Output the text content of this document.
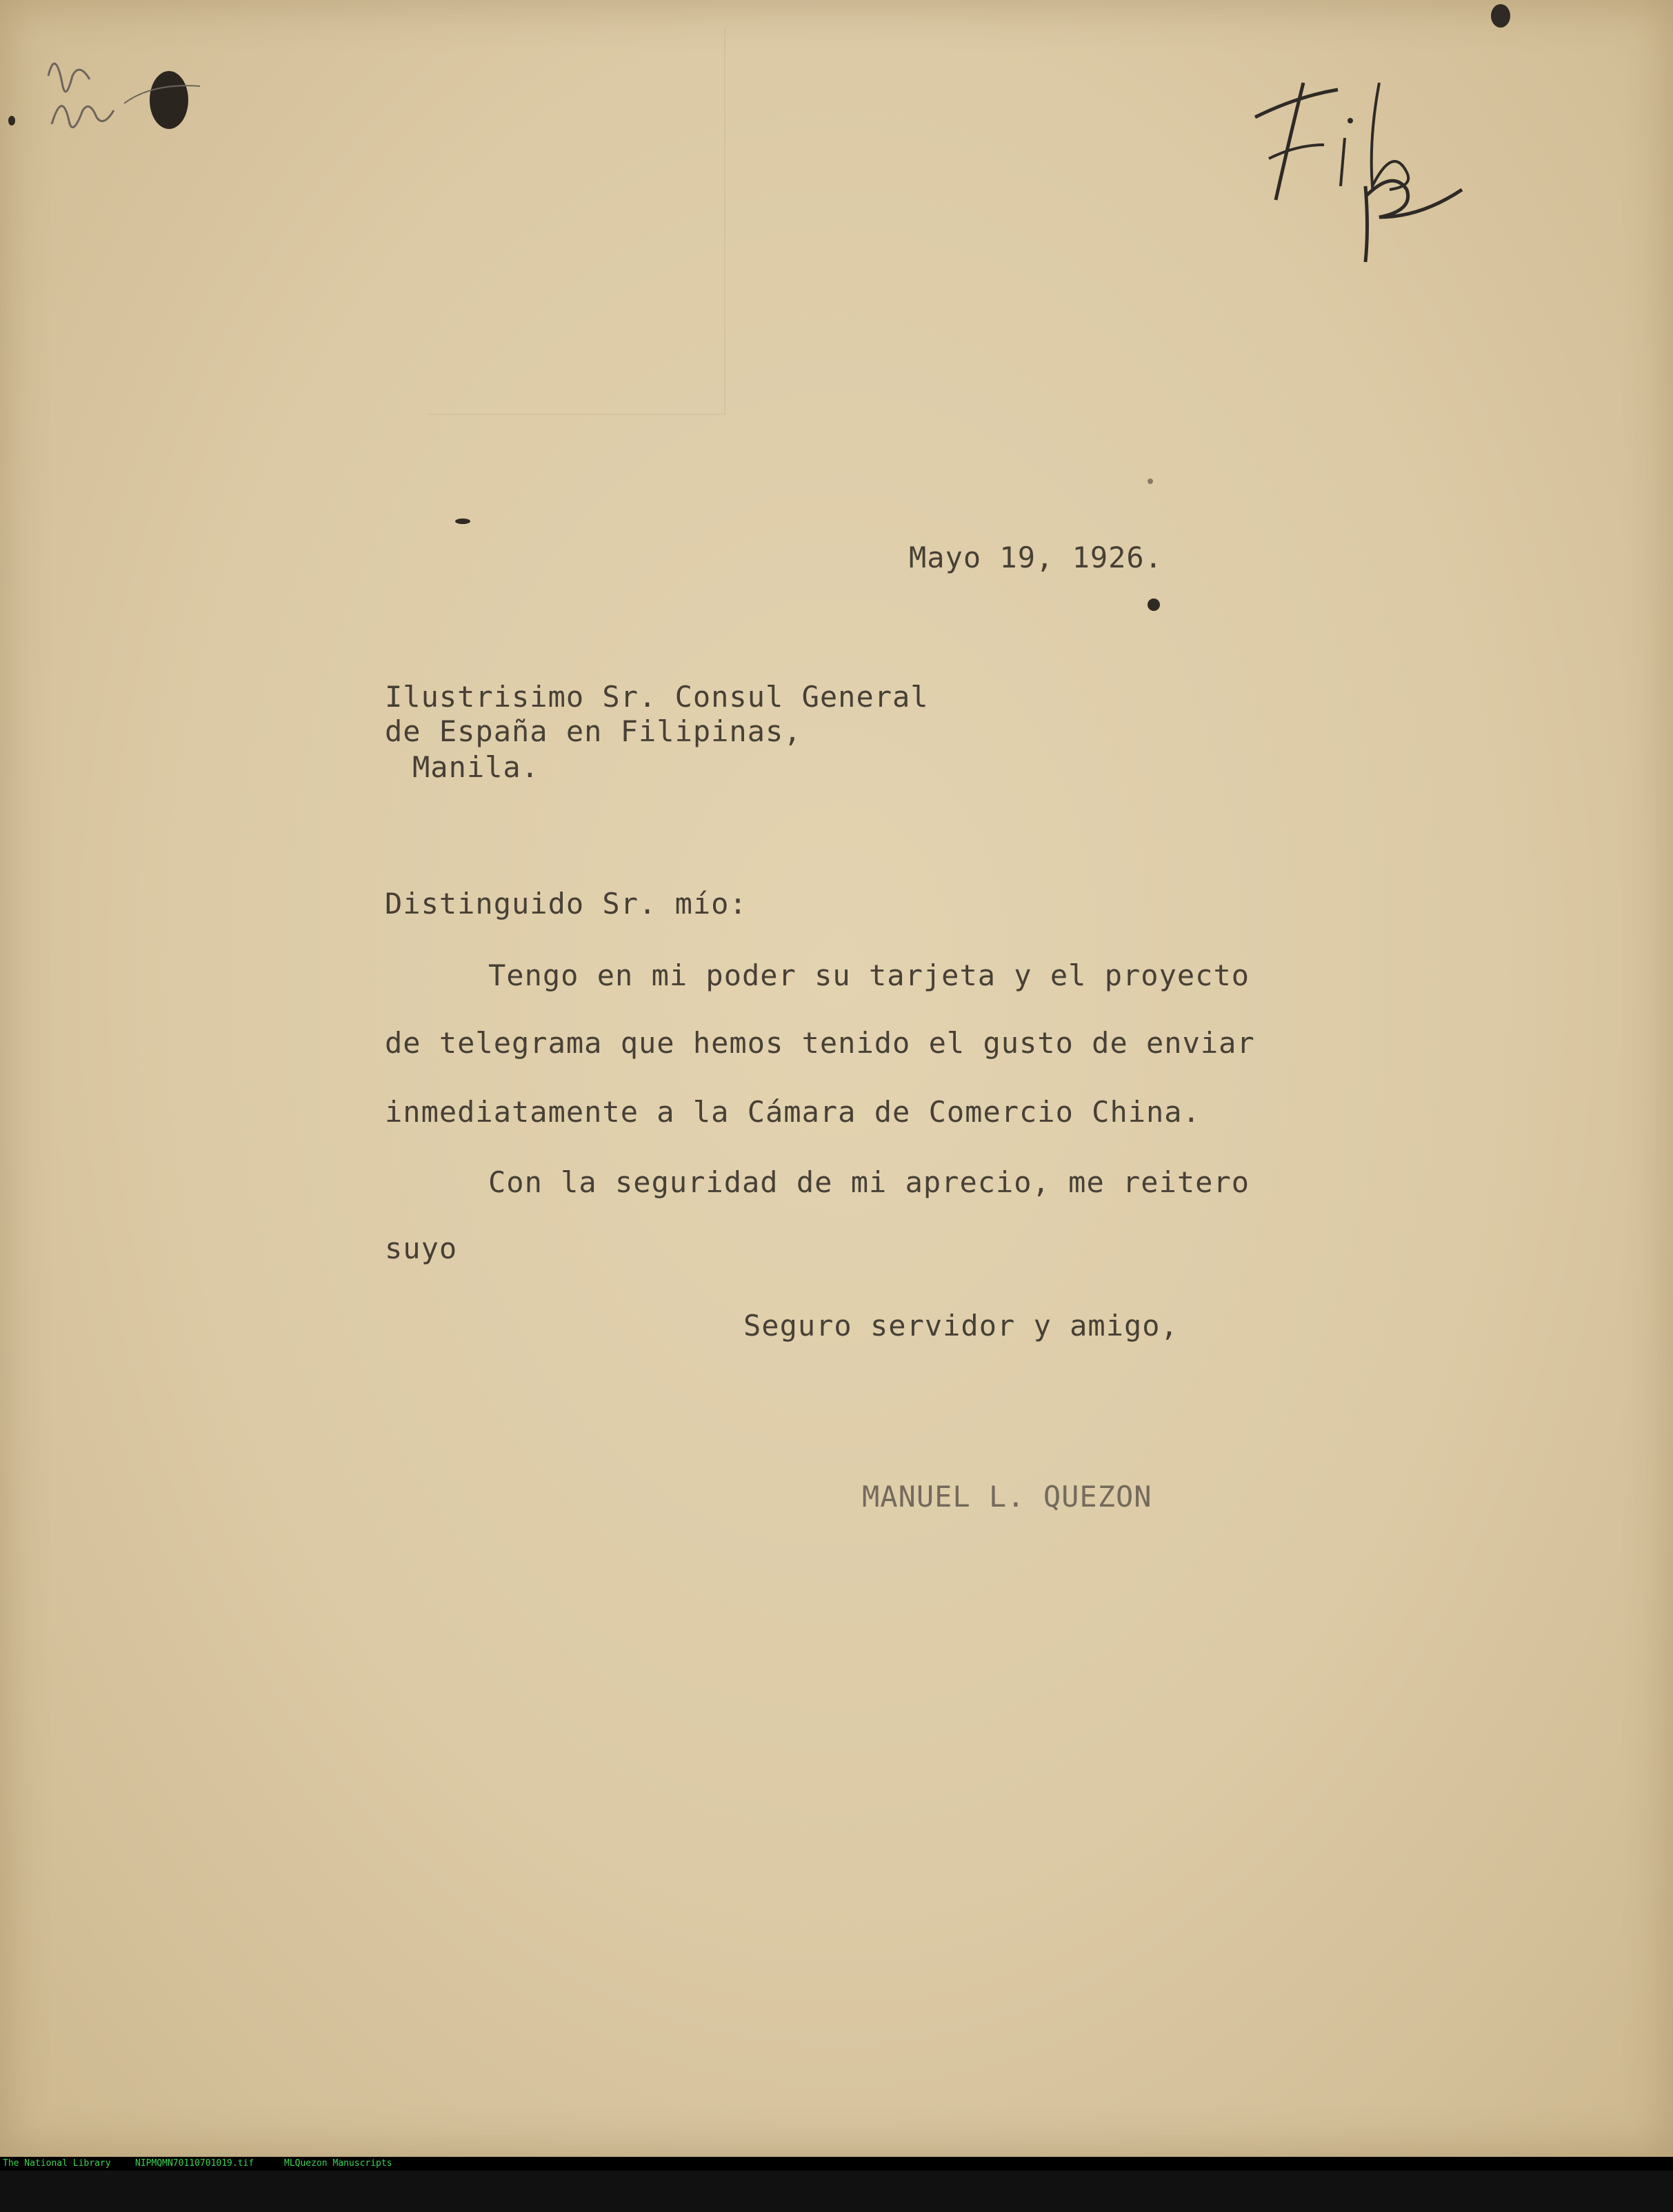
Mayo 19, 1926.
Ilustrisimo Sr. Consul General
de España en Filipinas,
Manila.
Distinguido Sr. mío:
Tengo en mi poder su tarjeta y el proyecto
de telegrama que hemos tenido el gusto de enviar
inmediatamente a la Cámara de Comercio China.
Con la seguridad de mi aprecio, me reitero
suyo
Seguro servidor y amigo,
MANUEL L. QUEZON

The National Library

	NIPMQMN70110701019.tif

	MLQuezon Manuscripts
